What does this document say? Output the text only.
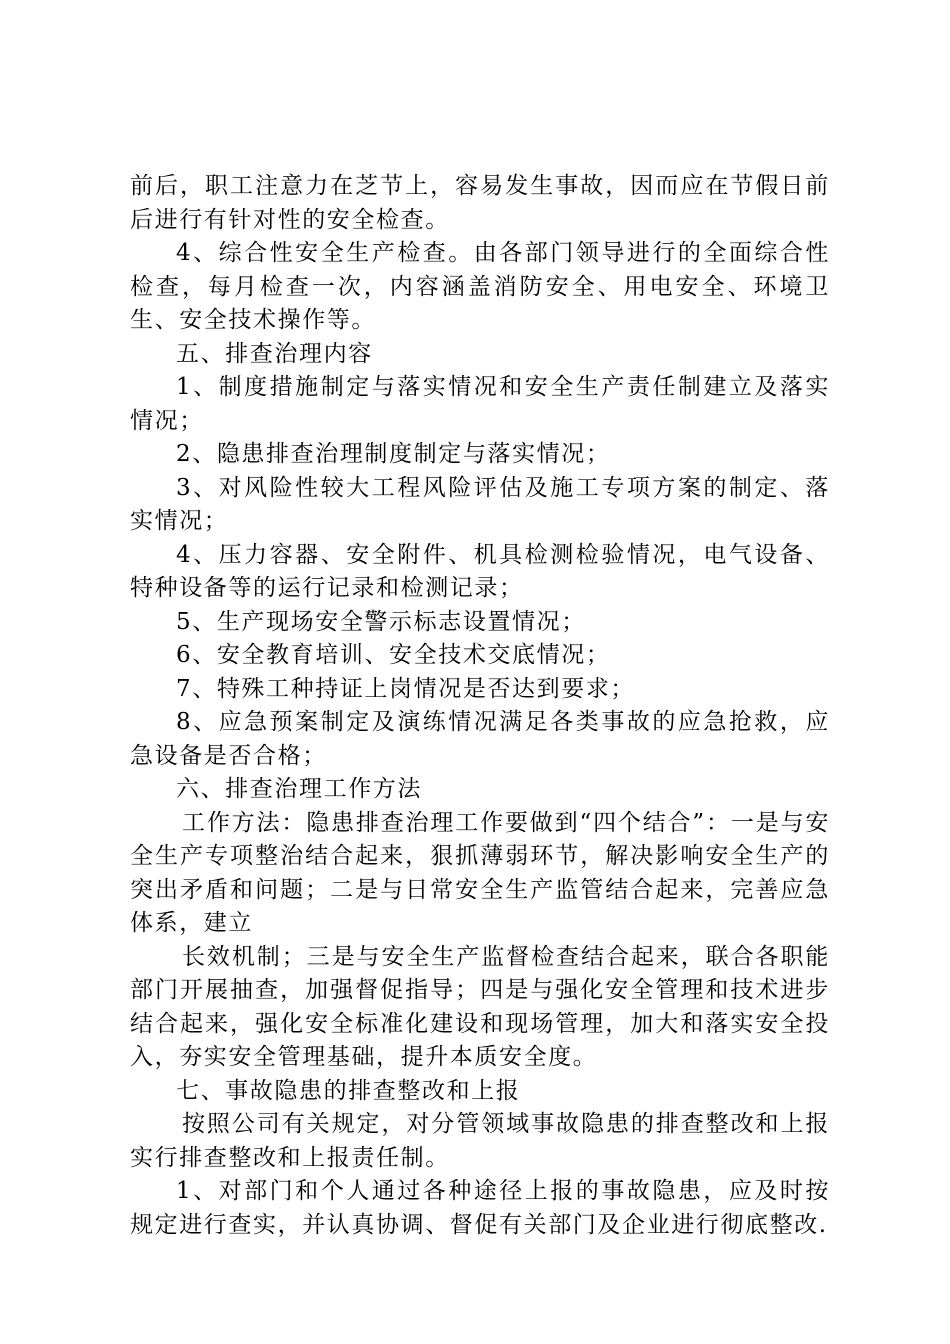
前后，职工注意力在芝节上，容易发生事故，因而应在节假日前后进行有针对性的安全检查。

4、综合性安全生产检查。由各部门领导进行的全面综合性检查，每月检查一次，内容涵盖消防安全、用电安全、环境卫生、安全技术操作等。

五、排查治理内容

1、制度措施制定与落实情况和安全生产责任制建立及落实情况；

2、隐患排查治理制度制定与落实情况；

3、对风险性较大工程风险评估及施工专项方案的制定、落实情况；

4、压力容器、安全附件、机具检测检验情况，电气设备、特种设备等的运行记录和检测记录；

5、生产现场安全警示标志设置情况；

6、安全教育培训、安全技术交底情况；

7、特殊工种持证上岗情况是否达到要求；

8、应急预案制定及演练情况满足各类事故的应急抢救，应急设备是否合格；

六、排查治理工作方法

工作方法：隐患排查治理工作要做到“四个结合”：一是与安全生产专项整治结合起来，狠抓薄弱环节，解决影响安全生产的突出矛盾和问题；二是与日常安全生产监管结合起来，完善应急体系，建立

长效机制；三是与安全生产监督检查结合起来，联合各职能部门开展抽查，加强督促指导；四是与强化安全管理和技术进步结合起来，强化安全标准化建设和现场管理，加大和落实安全投入，夯实安全管理基础，提升本质安全度。

七、事故隐患的排查整改和上报

按照公司有关规定，对分管领域事故隐患的排查整改和上报实行排查整改和上报责任制。

1、对部门和个人通过各种途径上报的事故隐患，应及时按规定进行查实，并认真协调、督促有关部门及企业进行彻底整改.
